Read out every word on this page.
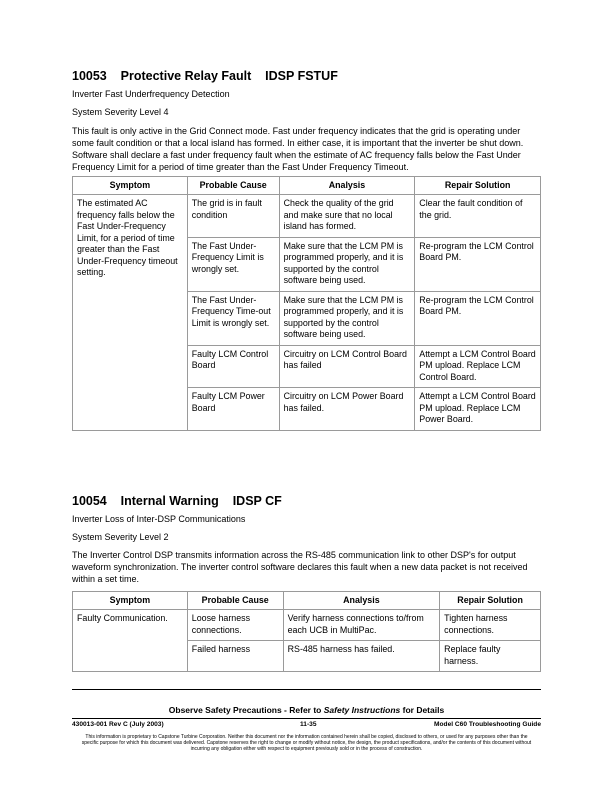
10053    Protective Relay Fault    IDSP FSTUF
Inverter Fast Underfrequency Detection
System Severity Level 4
This fault is only active in the Grid Connect mode. Fast under frequency indicates that the grid is operating under some fault condition or that a local island has formed. In either case, it is important that the inverter be shut down. Software shall declare a fast under frequency fault when the estimate of AC frequency falls below the Fast Under Frequency Limit for a period of time greater than the Fast Under Frequency Timeout.
Symptom	Probable Cause	Analysis	Repair Solution
The estimated AC frequency falls below the Fast Under-Frequency Limit, for a period of time greater than the Fast Under-Frequency timeout setting.	The grid is in fault condition	Check the quality of the grid and make sure that no local island has formed.	Clear the fault condition of the grid.
	The Fast Under-Frequency Limit is wrongly set.	Make sure that the LCM PM is programmed properly, and it is supported by the control software being used.	Re-program the LCM Control Board PM.
	The Fast Under-Frequency Time-out Limit is wrongly set.	Make sure that the LCM PM is programmed properly, and it is supported by the control software being used.	Re-program the LCM Control Board PM.
	Faulty LCM Control Board	Circuitry on LCM Control Board has failed	Attempt a LCM Control Board PM upload. Replace LCM Control Board.
	Faulty LCM Power Board	Circuitry on LCM Power Board has failed.	Attempt a LCM Control Board PM upload. Replace LCM Power Board.
10054    Internal Warning    IDSP CF
Inverter Loss of Inter-DSP Communications
System Severity Level 2
The Inverter Control DSP transmits information across the RS-485 communication link to other DSP's for output waveform synchronization. The inverter control software declares this fault when a new data packet is not received within a set time.
Symptom	Probable Cause	Analysis	Repair Solution
Faulty Communication.	Loose harness connections.	Verify harness connections to/from each UCB in MultiPac.	Tighten harness connections.
	Failed harness	RS-485 harness has failed.	Replace faulty harness.
Observe Safety Precautions - Refer to Safety Instructions for Details
430013-001 Rev C (July 2003)	11-35	Model C60 Troubleshooting Guide
This information is proprietary to Capstone Turbine Corporation. Neither this document nor the information contained herein shall be copied, disclosed to others, or used for any purposes other than the specific purpose for which this document was delivered. Capstone reserves the right to change or modify without notice, the design, the product specifications, and/or the contents of this document without incurring any obligation either with respect to equipment previously sold or in the process of construction.
